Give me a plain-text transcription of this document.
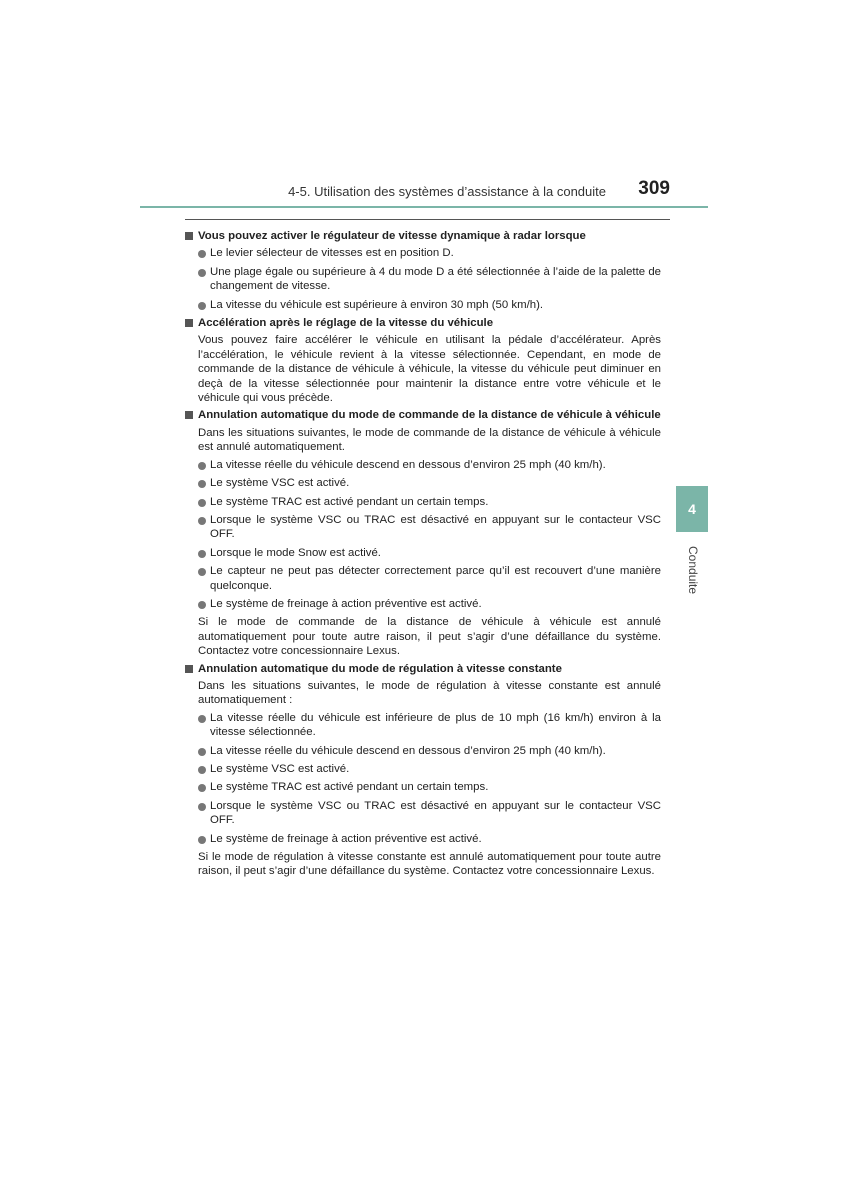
4-5. Utilisation des systèmes d’assistance à la conduite 309
4
Conduite
Vous pouvez activer le régulateur de vitesse dynamique à radar lorsque
Le levier sélecteur de vitesses est en position D.
Une plage égale ou supérieure à 4 du mode D a été sélectionnée à l’aide de la palette de changement de vitesse.
La vitesse du véhicule est supérieure à environ 30 mph (50 km/h).
Accélération après le réglage de la vitesse du véhicule
Vous pouvez faire accélérer le véhicule en utilisant la pédale d’accélérateur. Après l’accélération, le véhicule revient à la vitesse sélectionnée. Cependant, en mode de commande de la distance de véhicule à véhicule, la vitesse du véhicule peut diminuer en deçà de la vitesse sélectionnée pour maintenir la distance entre votre véhicule et le véhicule qui vous précède.
Annulation automatique du mode de commande de la distance de véhicule à véhicule
Dans les situations suivantes, le mode de commande de la distance de véhicule à véhicule est annulé automatiquement.
La vitesse réelle du véhicule descend en dessous d’environ 25 mph (40 km/h).
Le système VSC est activé.
Le système TRAC est activé pendant un certain temps.
Lorsque le système VSC ou TRAC est désactivé en appuyant sur le contacteur VSC OFF.
Lorsque le mode Snow est activé.
Le capteur ne peut pas détecter correctement parce qu’il est recouvert d’une manière quelconque.
Le système de freinage à action préventive est activé.
Si le mode de commande de la distance de véhicule à véhicule est annulé automatiquement pour toute autre raison, il peut s’agir d’une défaillance du système. Contactez votre concessionnaire Lexus.
Annulation automatique du mode de régulation à vitesse constante
Dans les situations suivantes, le mode de régulation à vitesse constante est annulé automatiquement :
La vitesse réelle du véhicule est inférieure de plus de 10 mph (16 km/h) environ à la vitesse sélectionnée.
La vitesse réelle du véhicule descend en dessous d’environ 25 mph (40 km/h).
Le système VSC est activé.
Le système TRAC est activé pendant un certain temps.
Lorsque le système VSC ou TRAC est désactivé en appuyant sur le contacteur VSC OFF.
Le système de freinage à action préventive est activé.
Si le mode de régulation à vitesse constante est annulé automatiquement pour toute autre raison, il peut s’agir d’une défaillance du système. Contactez votre concessionnaire Lexus.
